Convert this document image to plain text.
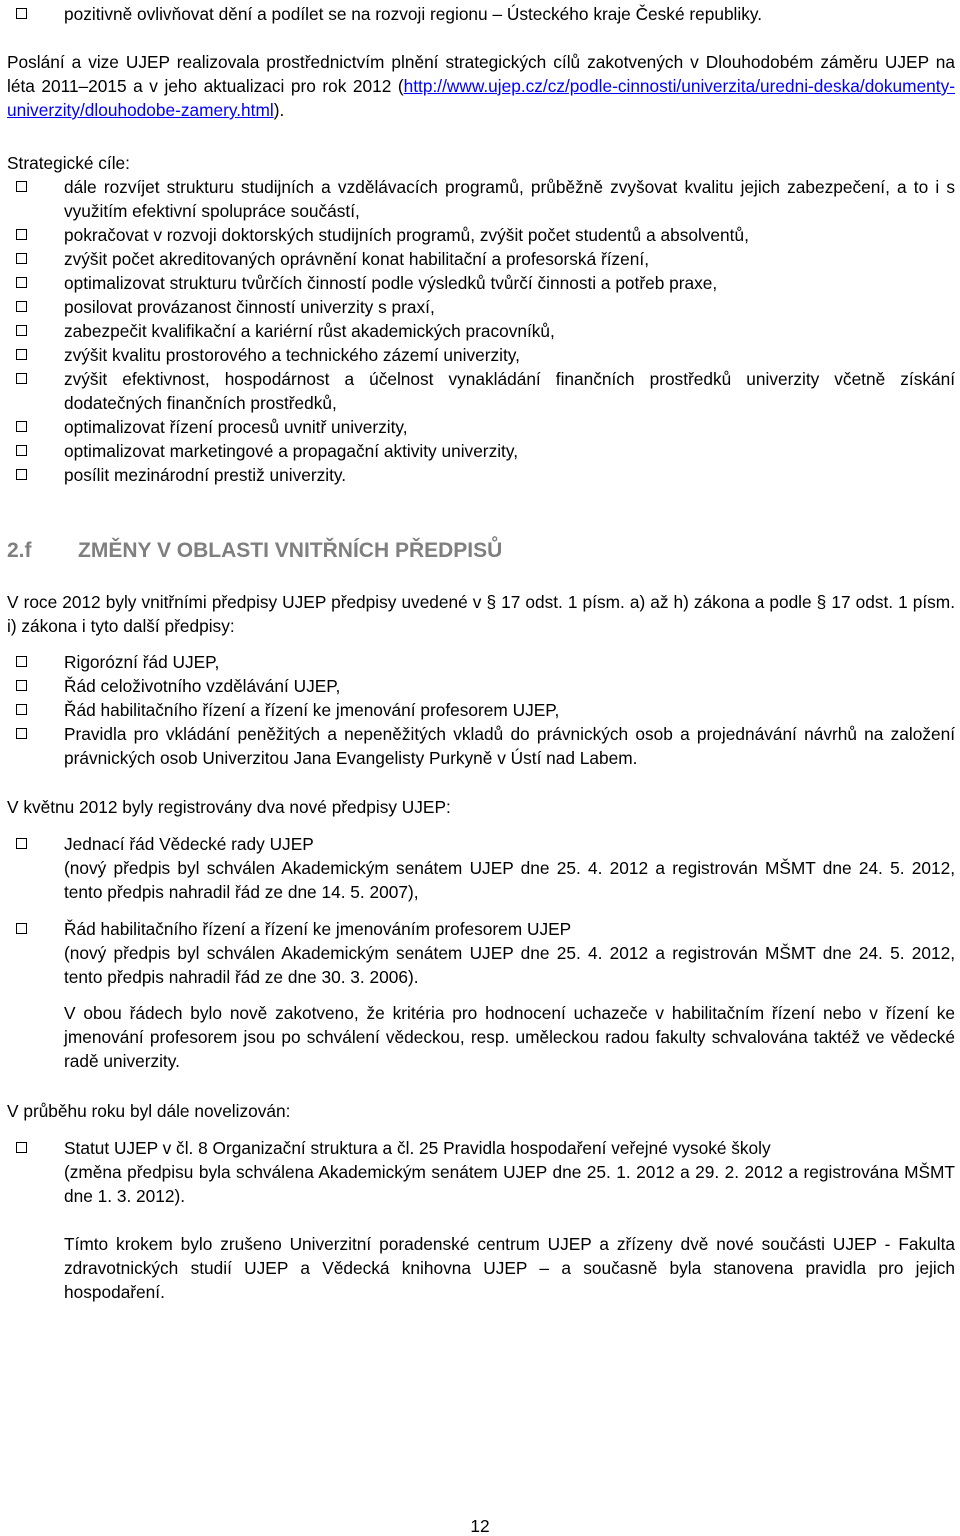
pozitivně ovlivňovat dění a podílet se na rozvoji regionu – Ústeckého kraje České republiky.
Poslání a vize UJEP realizovala prostřednictvím plnění strategických cílů zakotvených v Dlouhodobém záměru UJEP na léta 2011–2015 a v jeho aktualizaci pro rok 2012 (http://www.ujep.cz/cz/podle-cinnosti/univerzita/uredni-deska/dokumenty-univerzity/dlouhodobe-zamery.html).
Strategické cíle:
dále rozvíjet strukturu studijních a vzdělávacích programů, průběžně zvyšovat kvalitu jejich zabezpečení, a to i s využitím efektivní spolupráce součástí,
pokračovat v rozvoji doktorských studijních programů, zvýšit počet studentů a absolventů,
zvýšit počet akreditovaných oprávnění konat habilitační a profesorská řízení,
optimalizovat strukturu tvůrčích činností podle výsledků tvůrčí činnosti a potřeb praxe,
posilovat provázanost činností univerzity s praxí,
zabezpečit kvalifikační a kariérní růst akademických pracovníků,
zvýšit kvalitu prostorového a technického zázemí univerzity,
zvýšit efektivnost, hospodárnost a účelnost vynakládání finančních prostředků univerzity včetně získání dodatečných finančních prostředků,
optimalizovat řízení procesů uvnitř univerzity,
optimalizovat marketingové a propagační aktivity univerzity,
posílit mezinárodní prestiž univerzity.
2.f ZMĚNY V OBLASTI VNITŘNÍCH PŘEDPISŮ
V roce 2012 byly vnitřními předpisy UJEP předpisy uvedené v § 17 odst. 1 písm. a) až h) zákona a podle § 17 odst. 1 písm. i) zákona i tyto další předpisy:
Rigorózní řád UJEP,
Řád celoživotního vzdělávání UJEP,
Řád habilitačního řízení a řízení ke jmenování profesorem UJEP,
Pravidla pro vkládání peněžitých a nepeněžitých vkladů do právnických osob a projednávání návrhů na založení právnických osob Univerzitou Jana Evangelisty Purkyně v Ústí nad Labem.
V květnu 2012 byly registrovány dva nové předpisy UJEP:
Jednací řád Vědecké rady UJEP
(nový předpis byl schválen Akademickým senátem UJEP dne 25. 4. 2012 a registrován MŠMT dne 24. 5. 2012, tento předpis nahradil řád ze dne 14. 5. 2007),
Řád habilitačního řízení a řízení ke jmenováním profesorem UJEP
(nový předpis byl schválen Akademickým senátem UJEP dne 25. 4. 2012 a registrován MŠMT dne 24. 5. 2012, tento předpis nahradil řád ze dne 30. 3. 2006).
V obou řádech bylo nově zakotveno, že kritéria pro hodnocení uchazeče v habilitačním řízení nebo v řízení ke jmenování profesorem jsou po schválení vědeckou, resp. uměleckou radou fakulty schvalována taktéž ve vědecké radě univerzity.
V průběhu roku byl dále novelizován:
Statut UJEP v čl. 8 Organizační struktura a čl. 25 Pravidla hospodaření veřejné vysoké školy
(změna předpisu byla schválena Akademickým senátem UJEP dne 25. 1. 2012 a 29. 2. 2012 a registrována MŠMT dne 1. 3. 2012).
Tímto krokem bylo zrušeno Univerzitní poradenské centrum UJEP a zřízeny dvě nové součásti UJEP - Fakulta zdravotnických studií UJEP a Vědecká knihovna UJEP – a současně byla stanovena pravidla pro jejich hospodaření.
12
